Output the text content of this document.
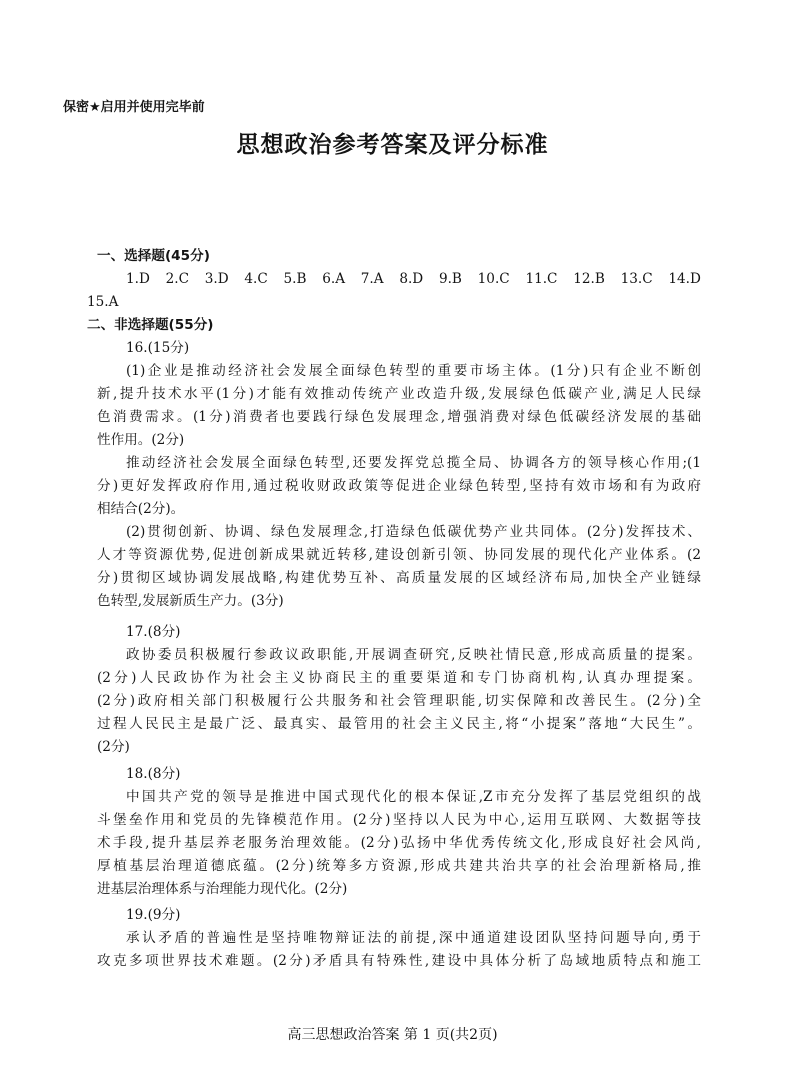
保密★启用并使用完毕前
思想政治参考答案及评分标准
一、选择题(45分)
1.D 2.C 3.D 4.C 5.B 6.A 7.A 8.D 9.B 10.C 11.C 12.B 13.C 14.D
15.A
二、非选择题(55分)
16.(15分)
(1)企业是推动经济社会发展全面绿色转型的重要市场主体。(1分)只有企业不断创
新,提升技术水平(1分)才能有效推动传统产业改造升级,发展绿色低碳产业,满足人民绿
色消费需求。(1分)消费者也要践行绿色发展理念,增强消费对绿色低碳经济发展的基础
性作用。(2分)
推动经济社会发展全面绿色转型,还要发挥党总揽全局、协调各方的领导核心作用;(1
分)更好发挥政府作用,通过税收财政政策等促进企业绿色转型,坚持有效市场和有为政府
相结合(2分)。
(2)贯彻创新、协调、绿色发展理念,打造绿色低碳优势产业共同体。(2分)发挥技术、
人才等资源优势,促进创新成果就近转移,建设创新引领、协同发展的现代化产业体系。(2
分)贯彻区域协调发展战略,构建优势互补、高质量发展的区域经济布局,加快全产业链绿
色转型,发展新质生产力。(3分)
17.(8分)
政协委员积极履行参政议政职能,开展调查研究,反映社情民意,形成高质量的提案。
(2分)人民政协作为社会主义协商民主的重要渠道和专门协商机构,认真办理提案。
(2分)政府相关部门积极履行公共服务和社会管理职能,切实保障和改善民生。(2分)全
过程人民民主是最广泛、最真实、最管用的社会主义民主,将“小提案”落地“大民生”。
(2分)
18.(8分)
中国共产党的领导是推进中国式现代化的根本保证,Z市充分发挥了基层党组织的战
斗堡垒作用和党员的先锋模范作用。(2分)坚持以人民为中心,运用互联网、大数据等技
术手段,提升基层养老服务治理效能。(2分)弘扬中华优秀传统文化,形成良好社会风尚,
厚植基层治理道德底蕴。(2分)统筹多方资源,形成共建共治共享的社会治理新格局,推
进基层治理体系与治理能力现代化。(2分)
19.(9分)
承认矛盾的普遍性是坚持唯物辩证法的前提,深中通道建设团队坚持问题导向,勇于
攻克多项世界技术难题。(2分)矛盾具有特殊性,建设中具体分析了岛域地质特点和施工
高三思想政治答案 第 1 页(共2页)
